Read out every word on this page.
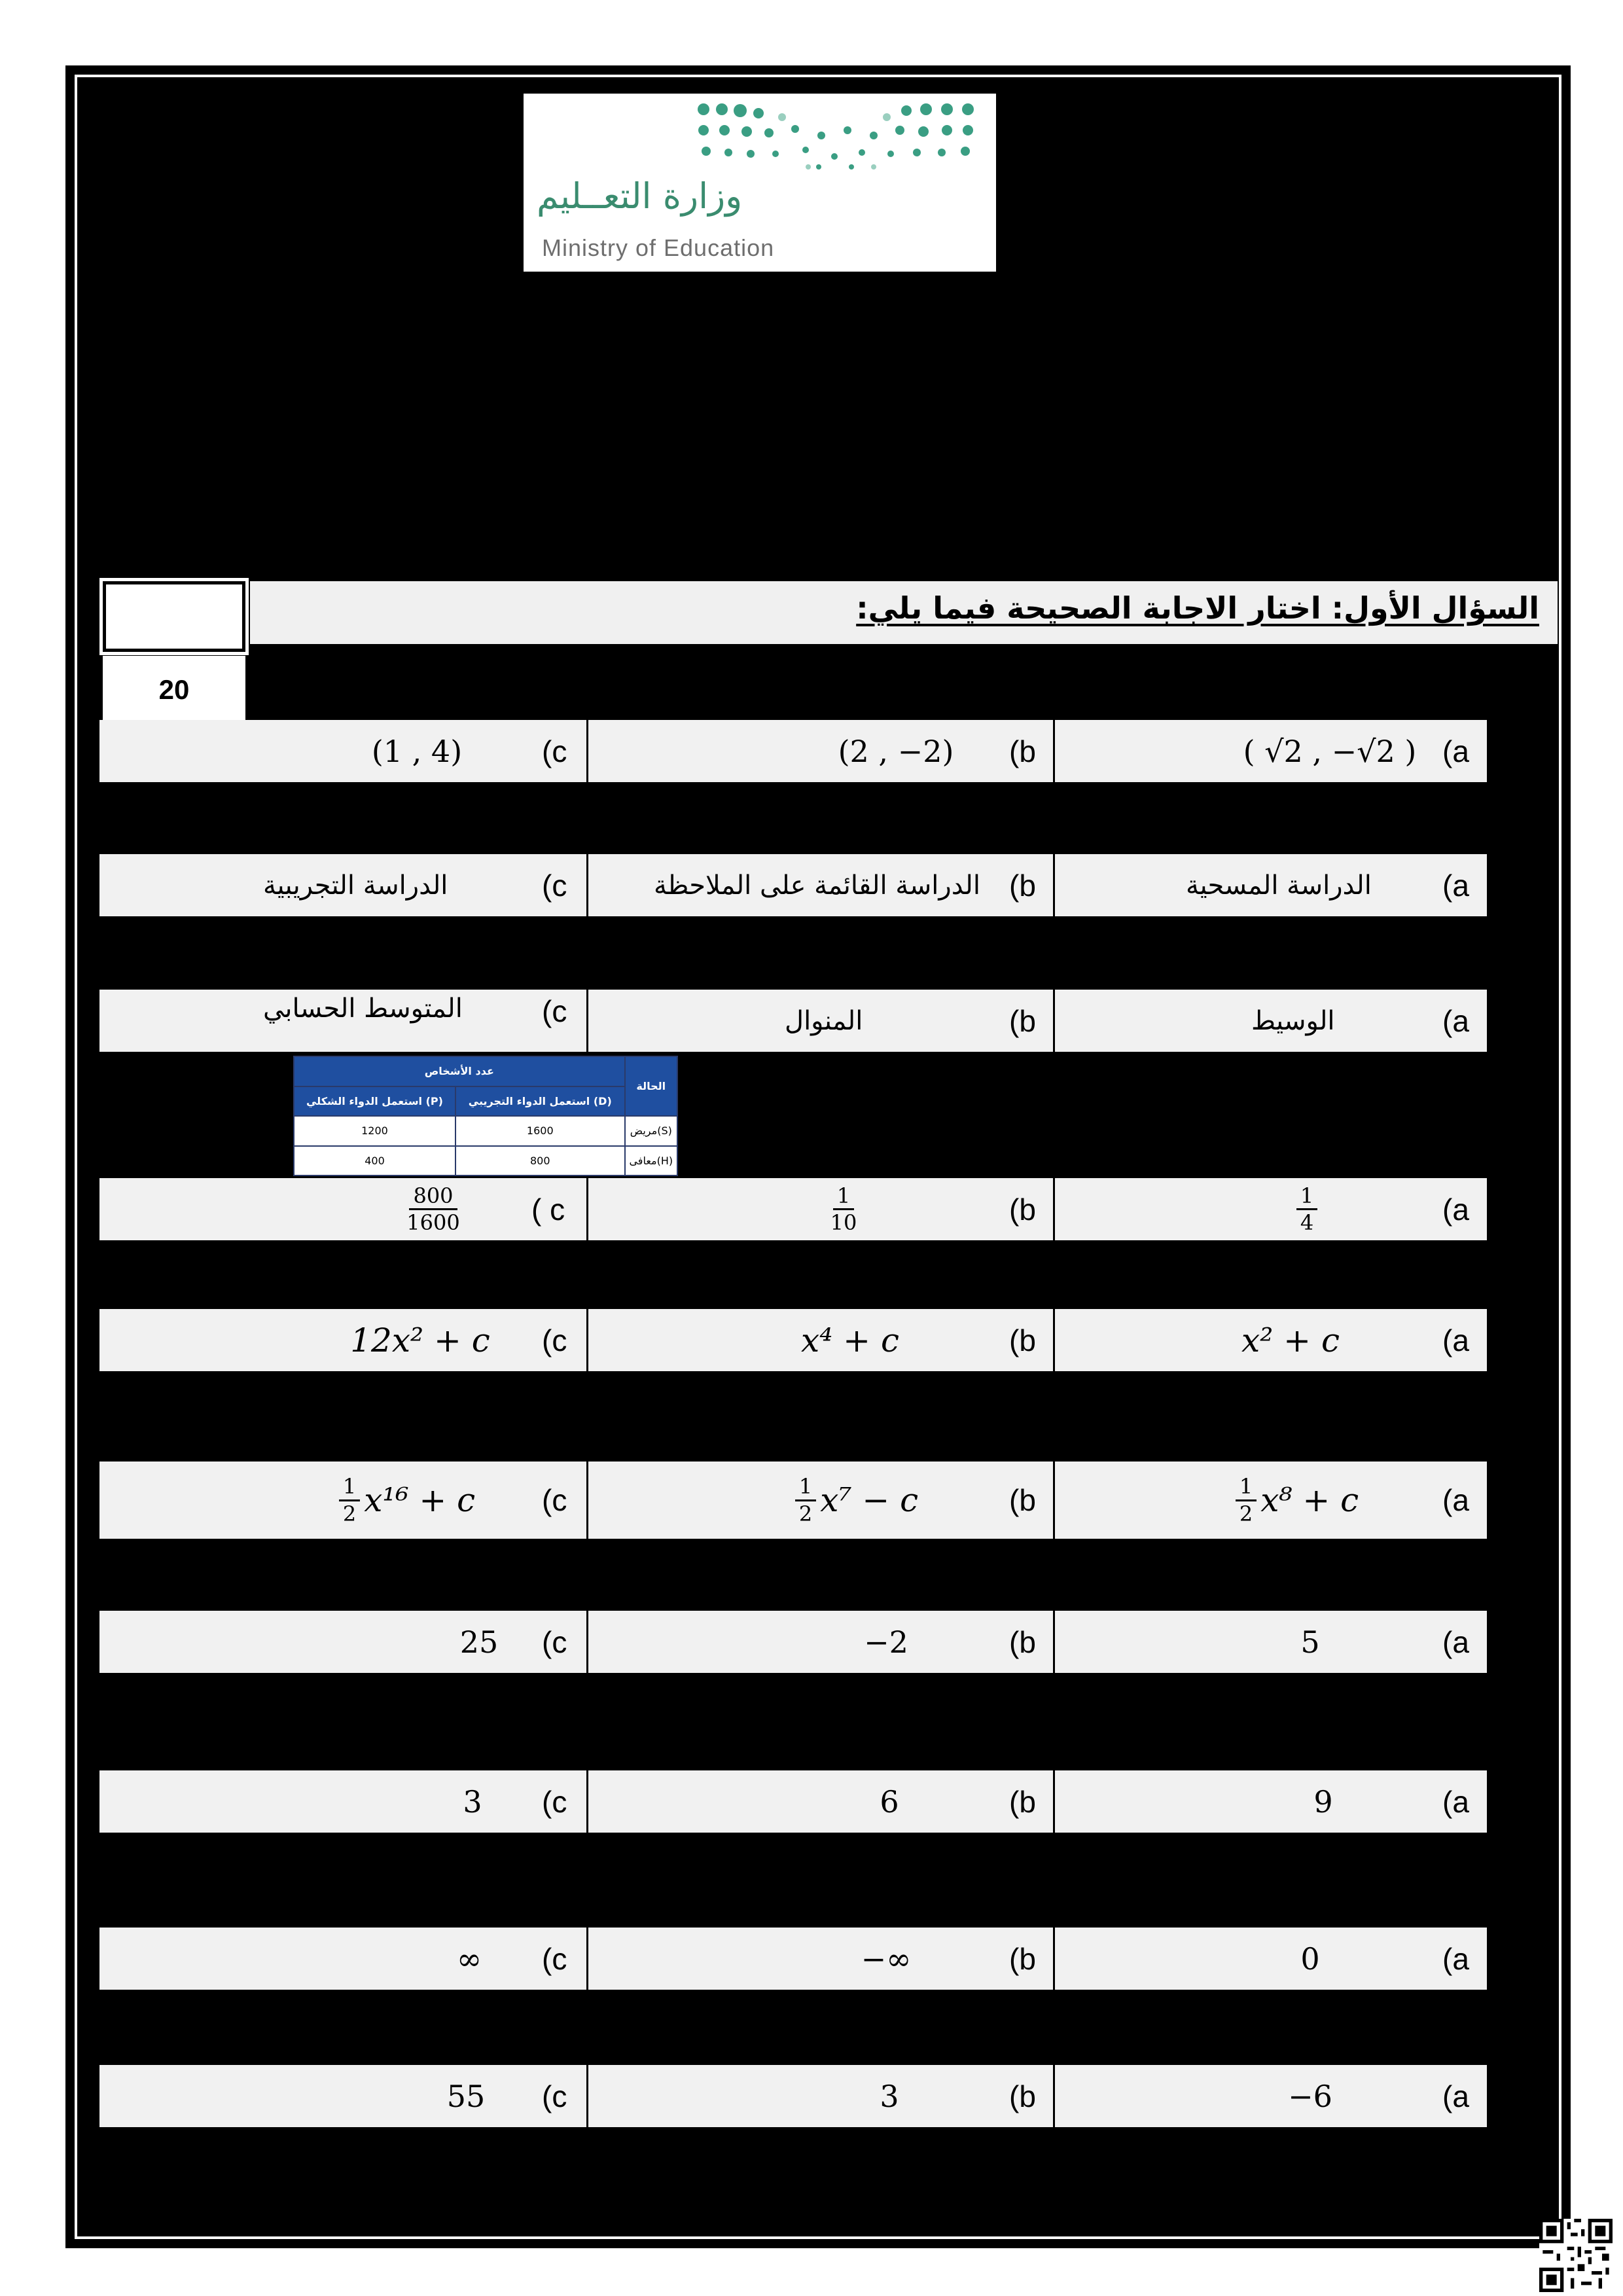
وزارة التعــليم
Ministry of Education
السؤال الأول: اختار الاجابة الصحيحة فيما يلي:
20
عدد الأشخاص		الحالة
استعمل الدواء الشكلي (P)	استعمل الدواء التجريبي (D)	
1200	1600	مريض(S)
400	800	معافى(H)
(1 , 4)	(c	(2 , −2)	(b	( √2 , −√2 ) (a
الدراسة التجريبية	(c	الدراسة القائمة على الملاحظة (b	الدراسة المسحية	(a
المتوسط الحسابي	(c	المنوال	(b	الوسيط	(a
$\frac{800}{1600}$ ( c	$\frac{1}{10}$	(b	$\frac{1}{4}$	(a
12x² + c	(c	x⁴ + c	(b	x² + c	(a
$\frac{1}{2} x^{16} + c$ (c	$\frac{1}{2} x^7 - c$	(b	$\frac{1}{2} x^8 + c$	(a
25	(c	−2	(b	5	(a
3	(c	6	(b	9	(a
∞	(c	−∞	(b	0	(a
55	(c	3	(b	−6	(a
